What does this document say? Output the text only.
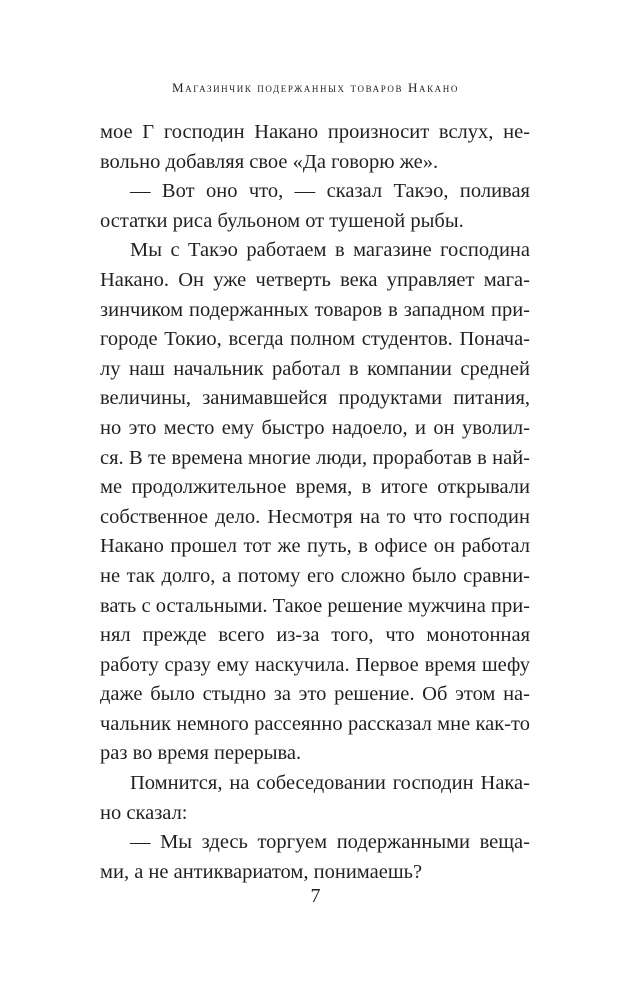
Магазинчик подержанных товаров Накано
мое Г господин Накано произносит вслух, не-
вольно добавляя свое «Да говорю же».
— Вот оно что, — сказал Такэо, поливая
остатки риса бульоном от тушеной рыбы.
Мы с Такэо работаем в магазине господина
Накано. Он уже четверть века управляет мага-
зинчиком подержанных товаров в западном при-
городе Токио, всегда полном студентов. Понача-
лу наш начальник работал в компании средней
величины, занимавшейся продуктами питания,
но это место ему быстро надоело, и он уволил-
ся. В те времена многие люди, проработав в най-
ме продолжительное время, в итоге открывали
собственное дело. Несмотря на то что господин
Накано прошел тот же путь, в офисе он работал
не так долго, а потому его сложно было сравни-
вать с остальными. Такое решение мужчина при-
нял прежде всего из-за того, что монотонная
работу сразу ему наскучила. Первое время шефу
даже было стыдно за это решение. Об этом на-
чальник немного рассеянно рассказал мне как-то
раз во время перерыва.
Помнится, на собеседовании господин Нака-
но сказал:
— Мы здесь торгуем подержанными веща-
ми, а не антиквариатом, понимаешь?
7
